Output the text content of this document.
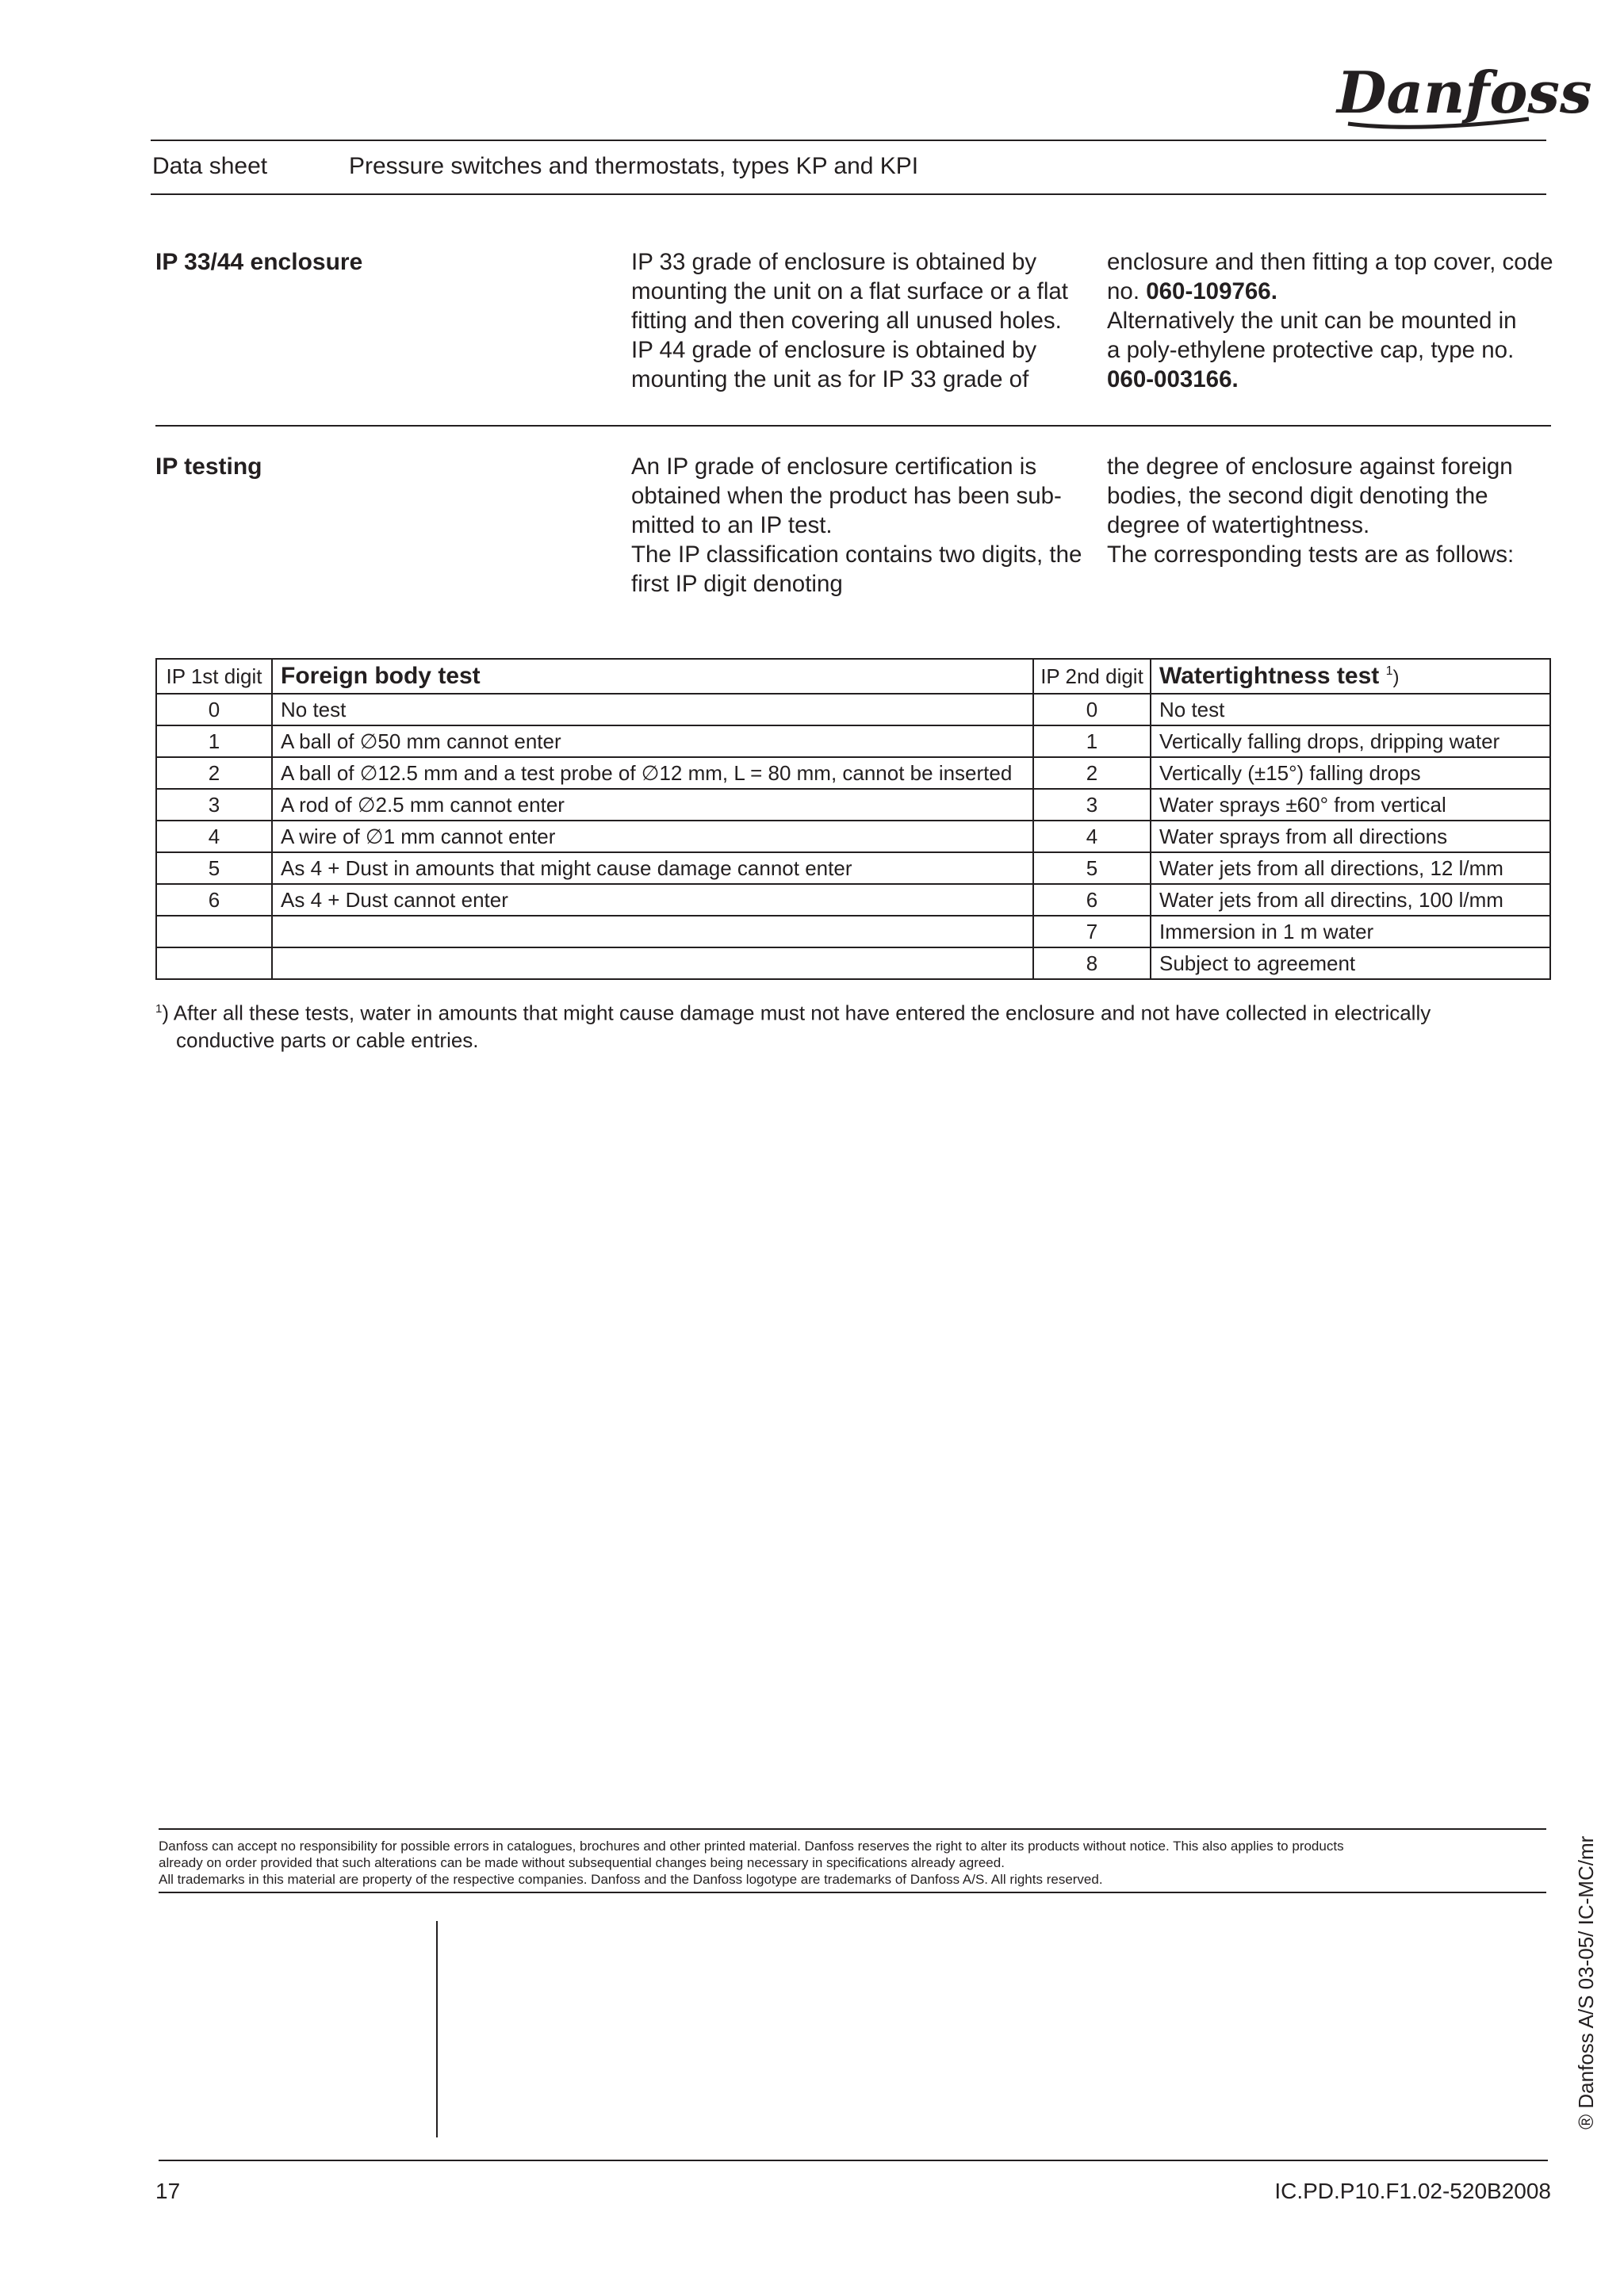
Danfoss
Data sheet	Pressure switches and thermostats, types KP and KPI
IP 33/44 enclosure	IP 33 grade of enclosure is obtained by
mounting the unit on a flat surface or a flat
fitting and then covering all unused holes.
IP 44 grade of enclosure is obtained by
mounting the unit as for IP 33 grade of
enclosure and then fitting a top cover, code
no. 060-109766.
Alternatively the unit can be mounted in
a poly-ethylene protective cap, type no.
060-003166.
IP testing	An IP grade of enclosure certification is
obtained when the product has been sub-
mitted to an IP test.
The IP classification contains two digits, the
first IP digit denoting
the degree of enclosure against foreign
bodies, the second digit denoting the
degree of watertightness.
The corresponding tests are as follows:
IP 1st digit	Foreign body test	IP 2nd digit	Watertightness test $^1$)
0	No test	0	No test
1	A ball of ∅50 mm cannot enter	1	Vertically falling drops, dripping water
2	A ball of ∅12.5 mm and a test probe of ∅12 mm, L = 80 mm, cannot be inserted	2	Vertically (±15°) falling drops
3	A rod of ∅2.5 mm cannot enter	3	Water sprays ±60° from vertical
4	A wire of ∅1 mm cannot enter	4	Water sprays from all directions
5	As 4 + Dust in amounts that might cause damage cannot enter	5	Water jets from all directions, 12 l/mm
6	As 4 + Dust cannot enter	6	Water jets from all directins, 100 l/mm
		7	Immersion in 1 m water
		8	Subject to agreement
$^1$) After all these tests, water in amounts that might cause damage must not have entered the enclosure and not have collected in electrically
conductive parts or cable entries.
Danfoss can accept no responsibility for possible errors in catalogues, brochures and other printed material. Danfoss reserves the right to alter its products without notice. This also applies to products
already on order provided that such alterations can be made without subsequential changes being necessary in specifications already agreed.
All trademarks in this material are property of the respective companies. Danfoss and the Danfoss logotype are trademarks of Danfoss A/S. All rights reserved.	® Danfoss A/S 03-05/ IC-MC/mr
17	IC.PD.P10.F1.02-520B2008
